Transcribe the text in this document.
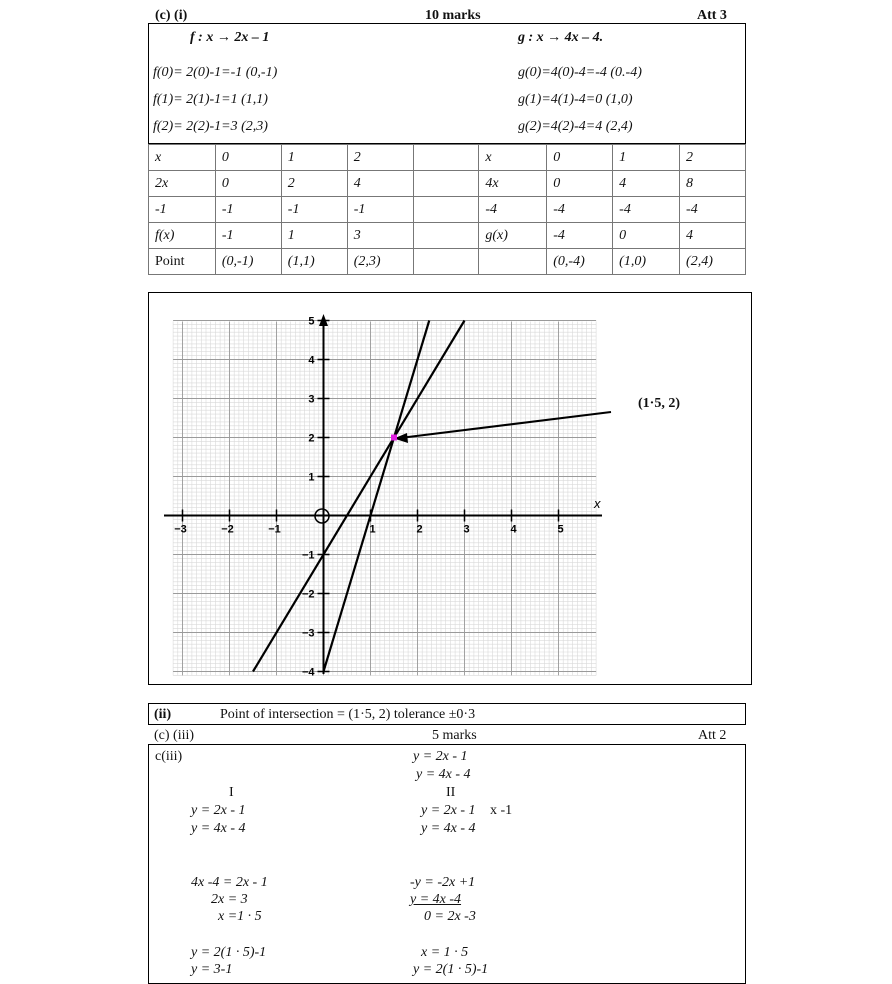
(c) (i)	10 marks	Att 3
f : x → 2x – 1	g : x → 4x – 4.
f(0)= 2(0)-1=-1 (0,-1)
f(1)= 2(1)-1=1 (1,1)
f(2)= 2(2)-1=3 (2,3)
g(0)=4(0)-4=-4 (0.-4)
g(1)=4(1)-4=0 (1,0)
g(2)=4(2)-4=4 (2,4)
x	0	1	2		x	0	1	2
2x	0	2	4		4x	0	4	8
-1	-1	-1	-1		-4	-4	-4	-4
f(x)	-1	1	3		g(x)	-4	0	4
Point	(0,-1)	(1,1)	(2,3)			(0,-4)	(1,0)	(2,4)
−3	−2	−1	1	2	3	4	5
5
4
3
2
1
−1
−2
−3
−4
x
(1·5, 2)
(ii)	Point of intersection = (1·5, 2) tolerance ±0·3
(c) (iii)	5 marks	Att 2
c(iii)	y = 2x - 1
y = 4x - 4
I	II
y = 2x - 1
y = 4x - 4
y = 2x - 1 x -1
y = 4x - 4
4x -4 = 2x - 1
2x = 3
x =1 · 5
-y = -2x +1
y = 4x -4
0 = 2x -3
y = 2(1 · 5)-1
y = 3-1
x = 1 · 5
y = 2(1 · 5)-1
